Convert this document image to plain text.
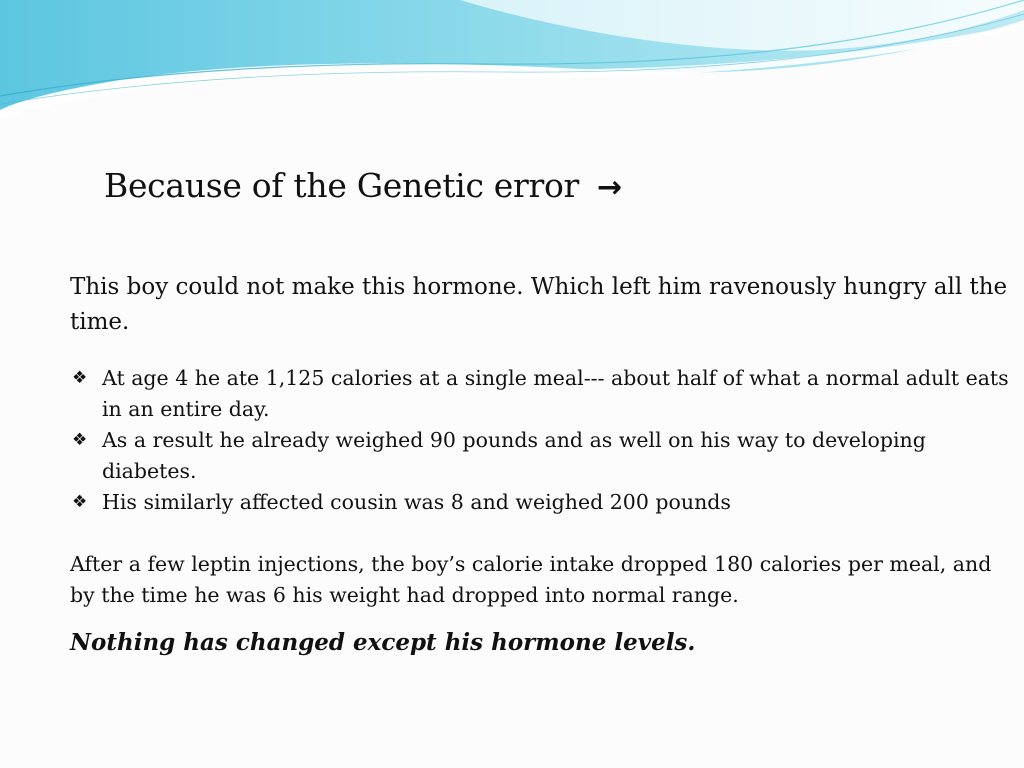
Because of the Genetic error →

This boy could not make this hormone. Which left him ravenously hungry all the time.

❖ At age 4 he ate 1,125 calories at a single meal--- about half of what a normal adult eats in an entire day.
❖ As a result he already weighed 90 pounds and as well on his way to developing diabetes.
❖ His similarly affected cousin was 8 and weighed 200 pounds

After a few leptin injections, the boy’s calorie intake dropped 180 calories per meal, and by the time he was 6 his weight had dropped into normal range.

Nothing has changed except his hormone levels.
